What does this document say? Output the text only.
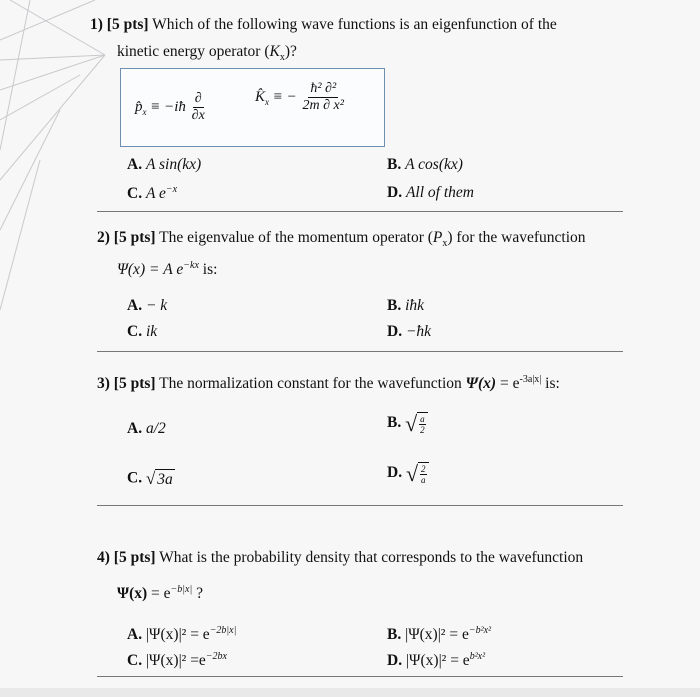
1) [5 pts] Which of the following wave functions is an eigenfunction of the
kinetic energy operator $(K_x)$?
$p̂_x$ ≡ −iħ $\frac{\partial}{\partial x}$	$K̂_x$ ≡ − $\frac{\text{ħ² ∂²}}{\text{2m ∂ x²}}$
A. A sin(kx)	B. A cos(kx)
C. A $e^{-x}$	D. All of them
2) [5 pts] The eigenvalue of the momentum operator $(P_x)$ for the wavefunction
Ψ(x) = A $e^{-kx}$ is:
A. − k	B. iħk
C. ik	D. −ħk
3) [5 pts] The normalization constant for the wavefunction $\Psi(x) = e^{-3a|x|}$ is:
A. a/2	B. √ $\frac{a}{2}$
C. √ 3a	D. √ $\frac{2}{a}$
4) [5 pts] What is the probability density that corresponds to the wavefunction
$\Psi(x) = e^{-b|x|}$ ?
A. $|\Psi(x)|^2 = e^{-2b|x|}$	B. $|\Psi(x)|^2 = e^{-b^2x^2}$
C. $|\Psi(x)|^2 =e^{-2bx}$	D. $|\Psi(x)|^2 = e^{b^2x^2}$
